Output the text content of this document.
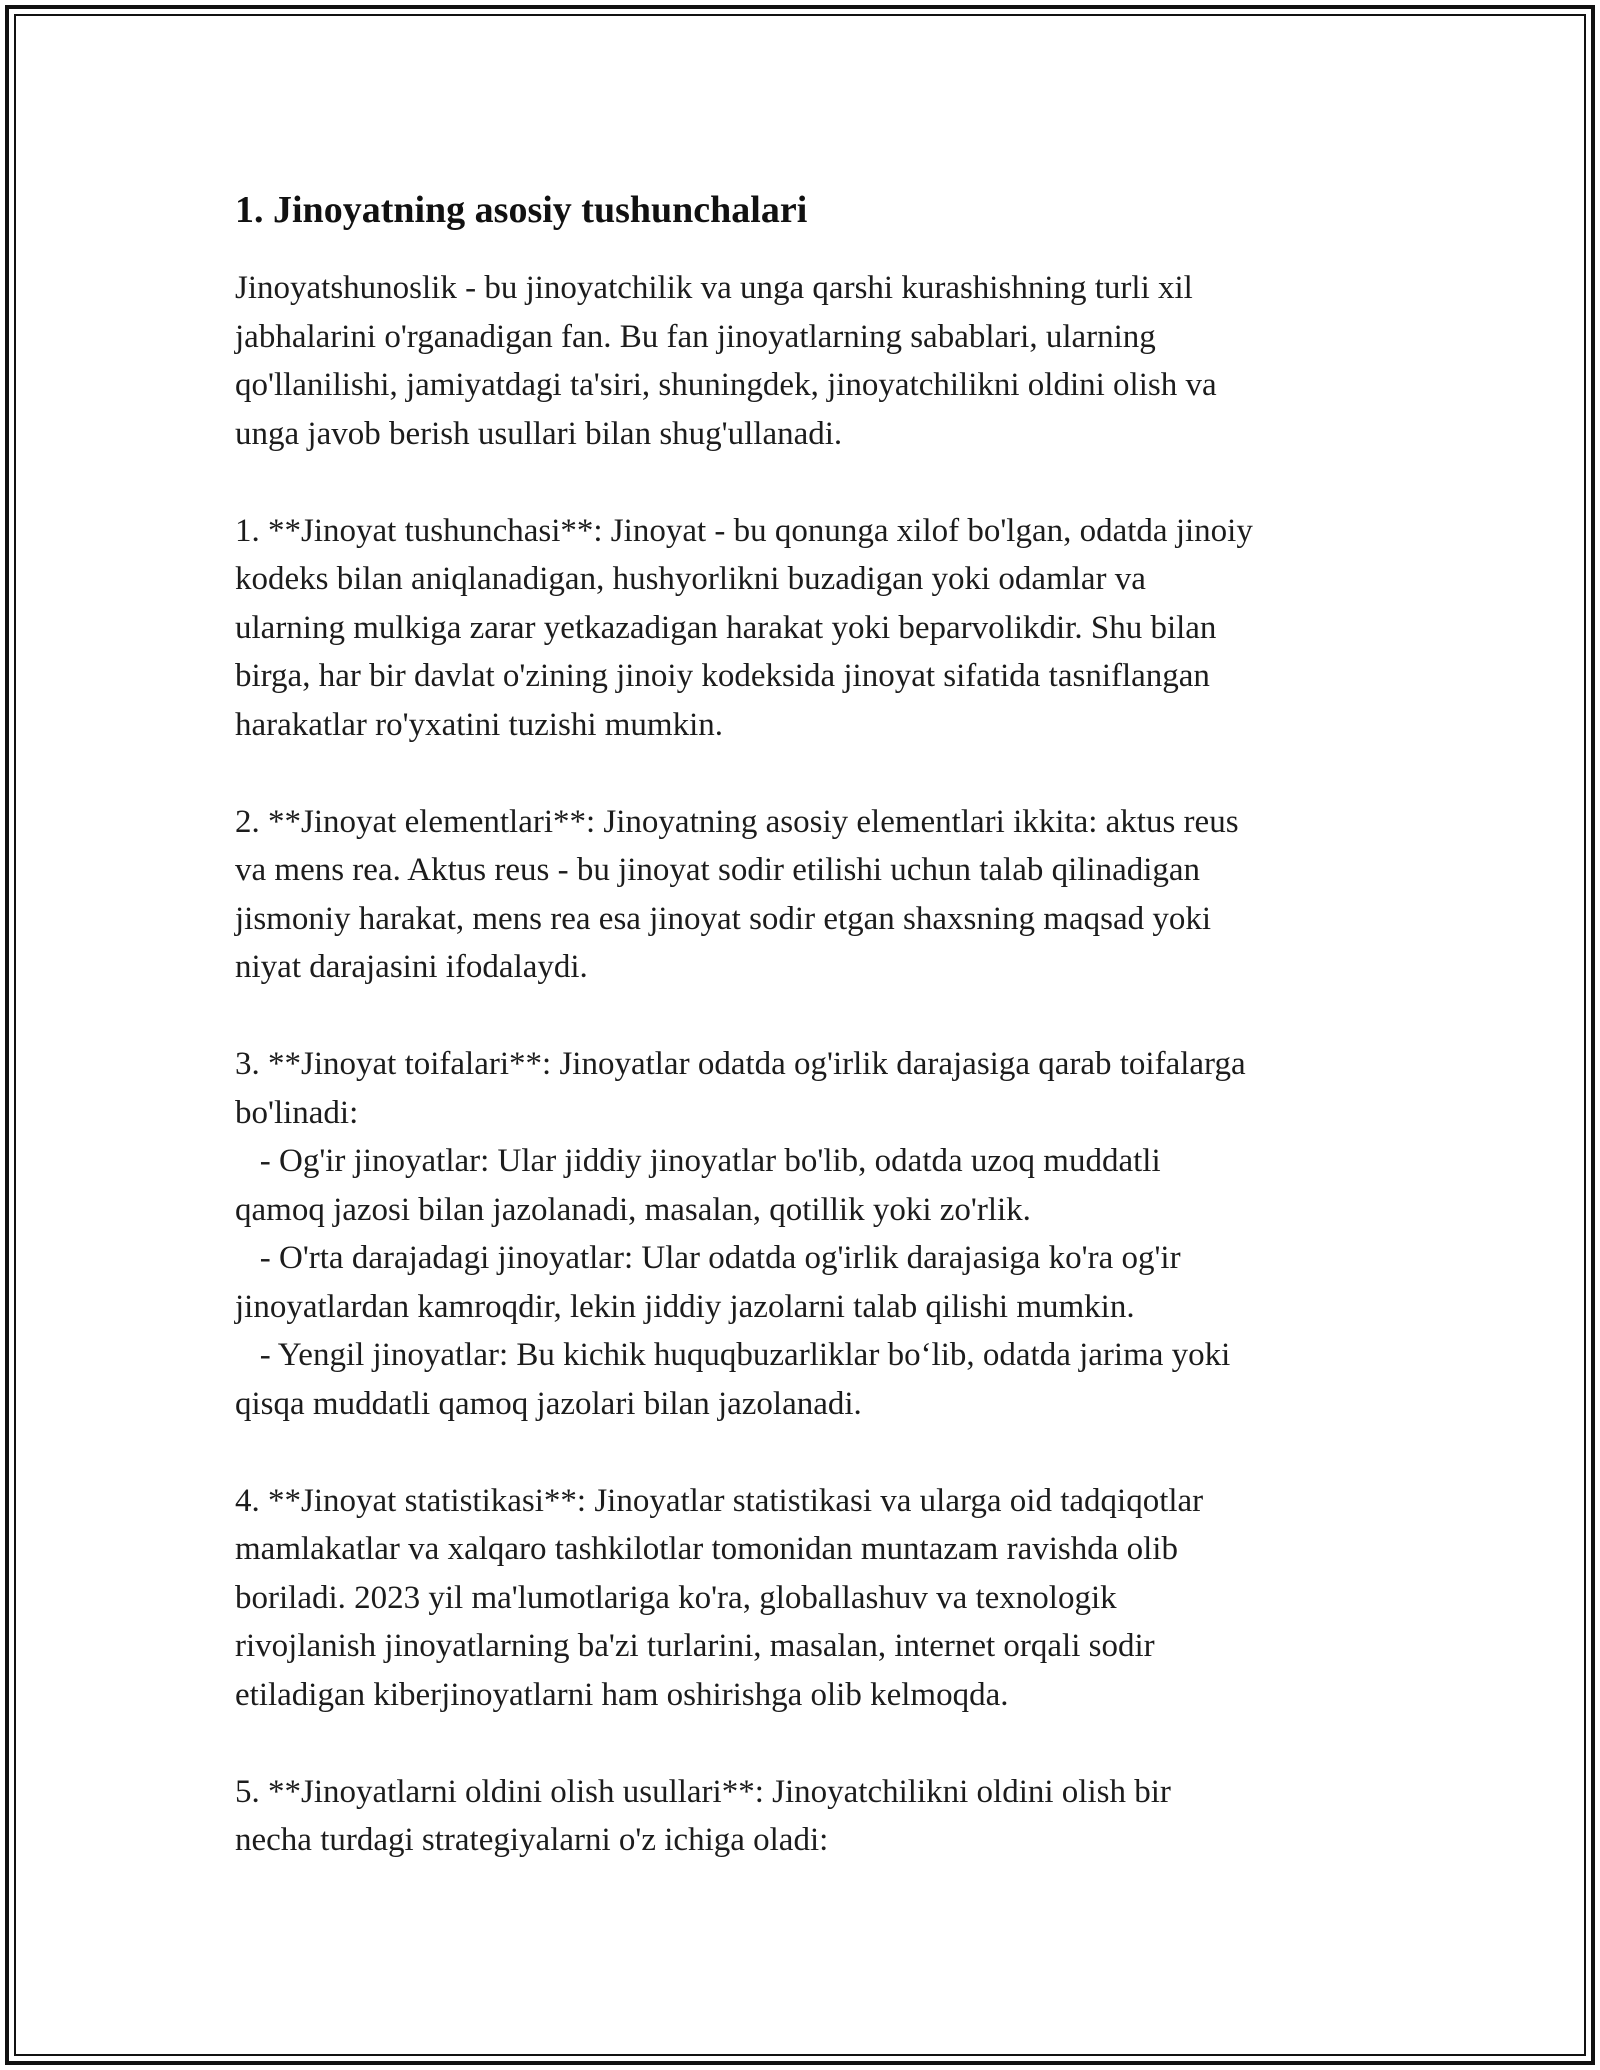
1. Jinoyatning asosiy tushunchalari

Jinoyatshunoslik - bu jinoyatchilik va unga qarshi kurashishning turli xil
jabhalarini o'rganadigan fan. Bu fan jinoyatlarning sabablari, ularning
qo'llanilishi, jamiyatdagi ta'siri, shuningdek, jinoyatchilikni oldini olish va
unga javob berish usullari bilan shug'ullanadi.

1. **Jinoyat tushunchasi**: Jinoyat - bu qonunga xilof bo'lgan, odatda jinoiy
kodeks bilan aniqlanadigan, hushyorlikni buzadigan yoki odamlar va
ularning mulkiga zarar yetkazadigan harakat yoki beparvolikdir. Shu bilan
birga, har bir davlat o'zining jinoiy kodeksida jinoyat sifatida tasniflangan
harakatlar ro'yxatini tuzishi mumkin.

2. **Jinoyat elementlari**: Jinoyatning asosiy elementlari ikkita: aktus reus
va mens rea. Aktus reus - bu jinoyat sodir etilishi uchun talab qilinadigan
jismoniy harakat, mens rea esa jinoyat sodir etgan shaxsning maqsad yoki
niyat darajasini ifodalaydi.

3. **Jinoyat toifalari**: Jinoyatlar odatda og'irlik darajasiga qarab toifalarga
bo'linadi:
- Og'ir jinoyatlar: Ular jiddiy jinoyatlar bo'lib, odatda uzoq muddatli
qamoq jazosi bilan jazolanadi, masalan, qotillik yoki zo'rlik.
- O'rta darajadagi jinoyatlar: Ular odatda og'irlik darajasiga ko'ra og'ir
jinoyatlardan kamroqdir, lekin jiddiy jazolarni talab qilishi mumkin.
- Yengil jinoyatlar: Bu kichik huquqbuzarliklar bo‘lib, odatda jarima yoki
qisqa muddatli qamoq jazolari bilan jazolanadi.

4. **Jinoyat statistikasi**: Jinoyatlar statistikasi va ularga oid tadqiqotlar
mamlakatlar va xalqaro tashkilotlar tomonidan muntazam ravishda olib
boriladi. 2023 yil ma'lumotlariga ko'ra, globallashuv va texnologik
rivojlanish jinoyatlarning ba'zi turlarini, masalan, internet orqali sodir
etiladigan kiberjinoyatlarni ham oshirishga olib kelmoqda.

5. **Jinoyatlarni oldini olish usullari**: Jinoyatchilikni oldini olish bir
necha turdagi strategiyalarni o'z ichiga oladi:
